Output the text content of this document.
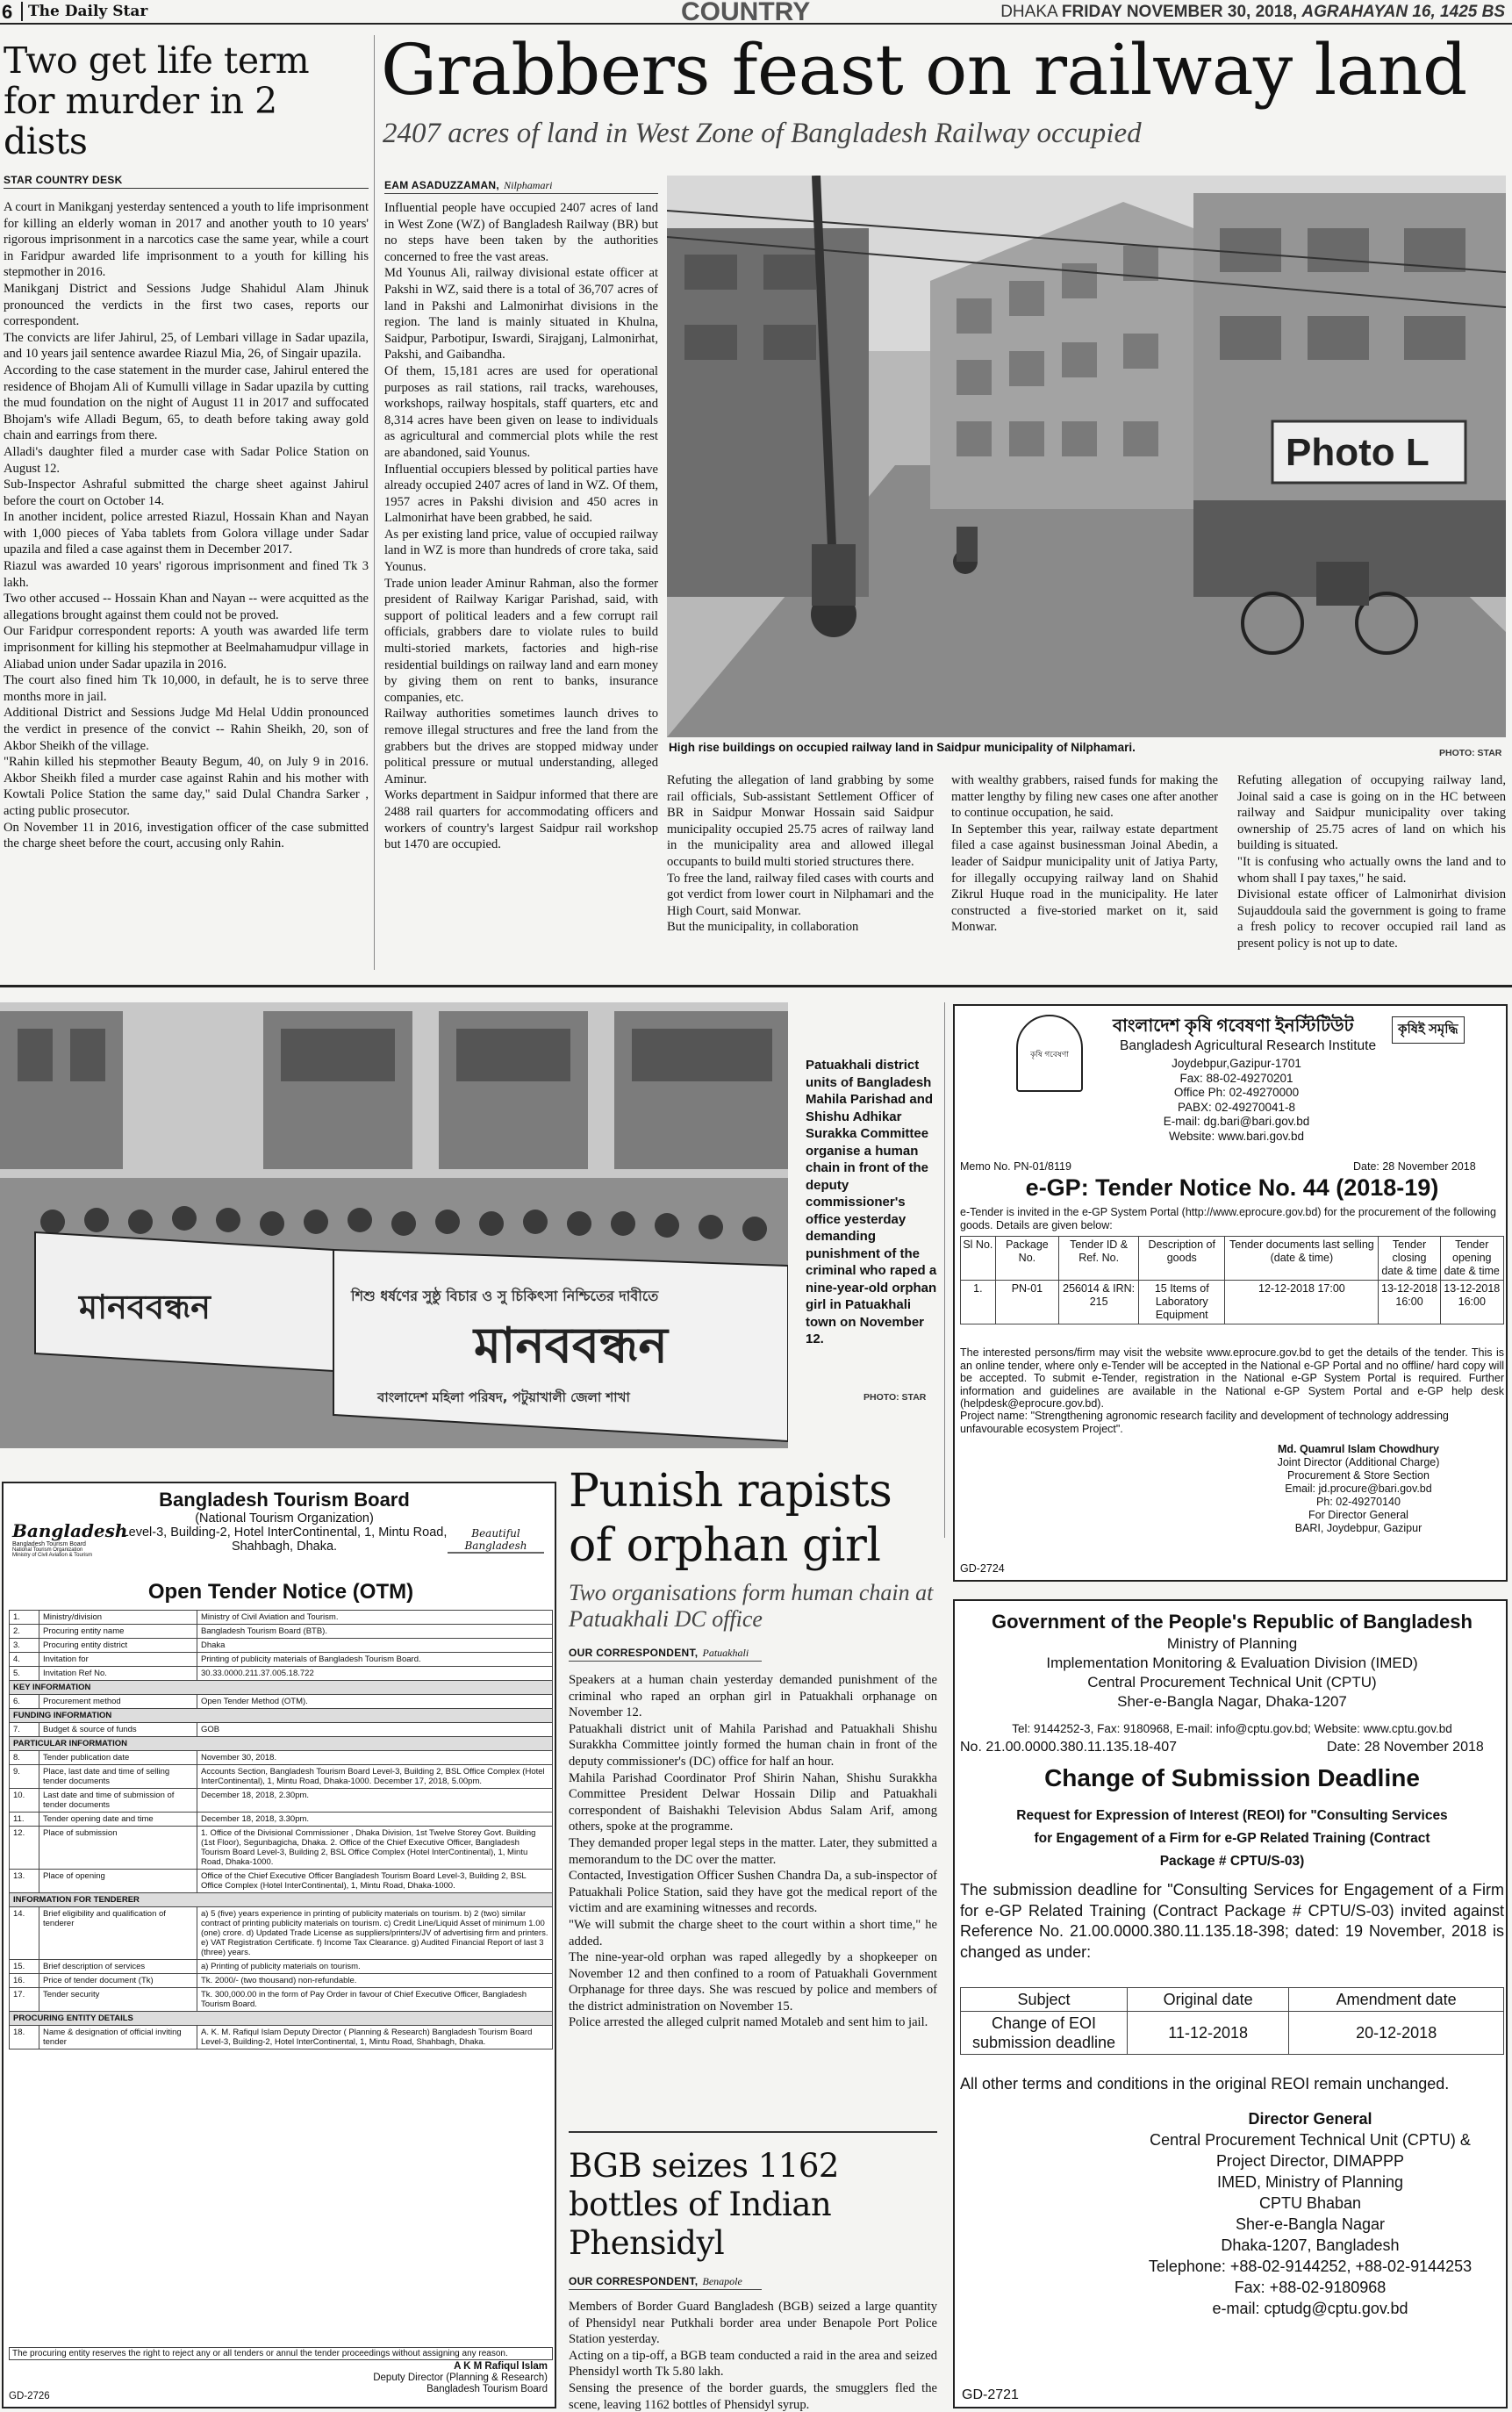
6 The Daily Star	COUNTRY	DHAKA FRIDAY NOVEMBER 30, 2018, AGRAHAYAN 16, 1425 BS
Two get life term for murder in 2 dists
STAR COUNTRY DESK

A court in Manikganj yesterday sentenced a youth to life imprisonment for killing an elderly woman in 2017 and another youth to 10 years' rigorous imprisonment in a narcotics case the same year, while a court in Faridpur awarded life imprisonment to a youth for killing his stepmother in 2016.

Manikganj District and Sessions Judge Shahidul Alam Jhinuk pronounced the verdicts in the first two cases, reports our correspondent.

The convicts are lifer Jahirul, 25, of Lembari village in Sadar upazila, and 10 years jail sentence awardee Riazul Mia, 26, of Singair upazila.

According to the case statement in the murder case, Jahirul entered the residence of Bhojam Ali of Kumulli village in Sadar upazila by cutting the mud foundation on the night of August 11 in 2017 and suffocated Bhojam's wife Alladi Begum, 65, to death before taking away gold chain and earrings from there.

Alladi's daughter filed a murder case with Sadar Police Station on August 12.

Sub-Inspector Ashraful submitted the charge sheet against Jahirul before the court on October 14.

In another incident, police arrested Riazul, Hossain Khan and Nayan with 1,000 pieces of Yaba tablets from Golora village under Sadar upazila and filed a case against them in December 2017.

Riazul was awarded 10 years' rigorous imprisonment and fined Tk 3 lakh.

Two other accused -- Hossain Khan and Nayan -- were acquitted as the allegations brought against them could not be proved.

Our Faridpur correspondent reports: A youth was awarded life term imprisonment for killing his stepmother at Beelmahamudpur village in Aliabad union under Sadar upazila in 2016.

The court also fined him Tk 10,000, in default, he is to serve three months more in jail.

Additional District and Sessions Judge Md Helal Uddin pronounced the verdict in presence of the convict -- Rahin Sheikh, 20, son of Akbor Sheikh of the village.

"Rahin killed his stepmother Beauty Begum, 40, on July 9 in 2016. Akbor Sheikh filed a murder case against Rahin and his mother with Kowtali Police Station the same day," said Dulal Chandra Sarker , acting public prosecutor.

On November 11 in 2016, investigation officer of the case submitted the charge sheet before the court, accusing only Rahin.

Grabbers feast on railway land
2407 acres of land in West Zone of Bangladesh Railway occupied
EAM ASADUZZAMAN, Nilphamari

Influential people have occupied 2407 acres of land in West Zone (WZ) of Bangladesh Railway (BR) but no steps have been taken by the authorities concerned to free the vast areas.

Md Younus Ali, railway divisional estate officer at Pakshi in WZ, said there is a total of 36,707 acres of land in Pakshi and Lalmonirhat divisions in the region. The land is mainly situated in Khulna, Saidpur, Parbotipur, Iswardi, Sirajganj, Lalmonirhat, Pakshi, and Gaibandha.

Of them, 15,181 acres are used for operational purposes as rail stations, rail tracks, warehouses, workshops, railway hospitals, staff quarters, etc and 8,314 acres have been given on lease to individuals as agricultural and commercial plots while the rest are abandoned, said Younus.

Influential occupiers blessed by political parties have already occupied 2407 acres of land in WZ. Of them, 1957 acres in Pakshi division and 450 acres in Lalmonirhat have been grabbed, he said.

As per existing land price, value of occupied railway land in WZ is more than hundreds of crore taka, said Younus.

Trade union leader Aminur Rahman, also the former president of Railway Karigar Parishad, said, with support of political leaders and a few corrupt rail officials, grabbers dare to violate rules to build multi-storied markets, factories and high-rise residential buildings on railway land and earn money by giving them on rent to banks, insurance companies, etc.

Railway authorities sometimes launch drives to remove illegal structures and free the land from the grabbers but the drives are stopped midway under political pressure or mutual understanding, alleged Aminur.

Works department in Saidpur informed that there are 2488 rail quarters for accommodating officers and workers of country's largest Saidpur rail workshop but 1470 are occupied.

Photo L
High rise buildings on occupied railway land in Saidpur municipality of Nilphamari.	PHOTO: STAR

Refuting the allegation of land grabbing by some rail officials, Sub-assistant Settlement Officer of BR in Saidpur Monwar Hossain said Saidpur municipality occupied 25.75 acres of railway land in the municipality area and allowed illegal occupants to build multi storied structures there.

To free the land, railway filed cases with courts and got verdict from lower court in Nilphamari and the High Court, said Monwar.

But the municipality, in collaboration

with wealthy grabbers, raised funds for making the matter lengthy by filing new cases one after another to continue occupation, he said.

In September this year, railway estate department filed a case against businessman Joinal Abedin, a leader of Saidpur municipality unit of Jatiya Party, for illegally occupying railway land on Shahid Zikrul Huque road in the municipality. He later constructed a five-storied market on it, said Monwar.

Refuting allegation of occupying railway land, Joinal said a case is going on in the HC between railway and Saidpur municipality over taking ownership of 25.75 acres of land on which his building is situated.

"It is confusing who actually owns the land and to whom shall I pay taxes," he said.

Divisional estate officer of Lalmonirhat division Sujauddoula said the government is going to frame a fresh policy to recover occupied rail land as present policy is not up to date.

মানববন্ধন	শিশু ধর্ষণের সুষ্ঠু বিচার ও সু চিকিৎসা নিশ্চিতের দাবীতে
মানববন্ধন
বাংলাদেশ মহিলা পরিষদ, পটুয়াখালী জেলা শাখা
Patuakhali district units of Bangladesh Mahila Parishad and Shishu Adhikar Surakka Committee organise a human chain in front of the deputy commissioner's office yesterday demanding punishment of the criminal who raped a nine-year-old orphan girl in Patuakhali town on November 12.
PHOTO: STAR
কৃষি গবেষণা
বাংলাদেশ কৃষি গবেষণা ইনস্টিটিউট	কৃষিই সমৃদ্ধি
Bangladesh Agricultural Research Institute
Joydebpur,Gazipur-1701
Fax: 88-02-49270201
Office Ph: 02-49270000
PABX: 02-49270041-8
E-mail: dg.bari@bari.gov.bd
Website: www.bari.gov.bd
Memo No. PN-01/8119	Date: 28 November 2018
e-GP: Tender Notice No. 44 (2018-19)
e-Tender is invited in the e-GP System Portal (http://www.eprocure.gov.bd) for the procurement of the following goods. Details are given below:
Sl No.	Package No.	Tender ID & Ref. No.	Description of goods	Tender documents last selling (date & time)	Tender closing date & time	Tender opening date & time
1.	PN-01	256014 & IRN: 215	15 Items of Laboratory Equipment	12-12-2018 17:00	13-12-2018 16:00	13-12-2018 16:00
The interested persons/firm may visit the website www.eprocure.gov.bd to get the details of the tender. This is an online tender, where only e-Tender will be accepted in the National e-GP Portal and no offline/ hard copy will be accepted. To submit e-Tender, registration in the National e-GP System Portal is required. Further information and guidelines are available in the National e-GP System Portal and e-GP help desk (helpdesk@eprocure.gov.bd).
Project name: "Strengthening agronomic research facility and development of technology addressing unfavourable ecosystem Project".
Md. Quamrul Islam Chowdhury
Joint Director (Additional Charge)
Procurement & Store Section
Email: jd.procure@bari.gov.bd
Ph: 02-49270140
For Director General
BARI, Joydebpur, Gazipur
GD-2724
Government of the People's Republic of Bangladesh
Ministry of Planning
Implementation Monitoring & Evaluation Division (IMED)
Central Procurement Technical Unit (CPTU)
Sher-e-Bangla Nagar, Dhaka-1207
Tel: 9144252-3, Fax: 9180968, E-mail: info@cptu.gov.bd; Website: www.cptu.gov.bd
No. 21.00.0000.380.11.135.18-407	Date: 28 November 2018
Change of Submission Deadline
Request for Expression of Interest (REOI) for "Consulting Services for Engagement of a Firm for e-GP Related Training (Contract Package # CPTU/S-03)
The submission deadline for "Consulting Services for Engagement of a Firm for e-GP Related Training (Contract Package # CPTU/S-03) invited against Reference No. 21.00.0000.380.11.135.18-398; dated: 19 November, 2018 is changed as under:
Subject	Original date	Amendment date
Change of EOI submission deadline	11-12-2018	20-12-2018
All other terms and conditions in the original REOI remain unchanged.
Director General
Central Procurement Technical Unit (CPTU) &
Project Director, DIMAPPP
IMED, Ministry of Planning
CPTU Bhaban
Sher-e-Bangla Nagar
Dhaka-1207, Bangladesh
Telephone: +88-02-9144252, +88-02-9144253
Fax: +88-02-9180968
e-mail: cptudg@cptu.gov.bd
GD-2721
Bangladesh
Bangladesh Tourism Board
National Tourism Organization
Ministry of Civil Aviation & Tourism
Beautiful Bangladesh
Bangladesh Tourism Board
(National Tourism Organization)
Level-3, Building-2, Hotel InterContinental, 1, Mintu Road,
Shahbagh, Dhaka.
Open Tender Notice (OTM)
1.	Ministry/division	Ministry of Civil Aviation and Tourism.
2.	Procuring entity name	Bangladesh Tourism Board (BTB).
3.	Procuring entity district	Dhaka
4.	Invitation for	Printing of publicity materials of Bangladesh Tourism Board.
5.	Invitation Ref No.	30.33.0000.211.37.005.18.722
KEY INFORMATION		
6.	Procurement method	Open Tender Method (OTM).
FUNDING INFORMATION		
7.	Budget & source of funds	GOB
PARTICULAR INFORMATION		
8.	Tender publication date	November 30, 2018.
9.	Place, last date and time of selling tender documents	Accounts Section, Bangladesh Tourism Board Level-3, Building 2, BSL Office Complex (Hotel InterContinental), 1, Mintu Road, Dhaka-1000. December 17, 2018, 5.00pm.
10.	Last date and time of submission of tender documents	December 18, 2018, 2.30pm.
11.	Tender opening date and time	December 18, 2018, 3.30pm.
12.	Place of submission	1. Office of the Divisional Commissioner , Dhaka Division, 1st Twelve Storey Govt. Building (1st Floor), Segunbagicha, Dhaka. 2. Office of the Chief Executive Officer, Bangladesh Tourism Board Level-3, Building 2, BSL Office Complex (Hotel InterContinental), 1, Mintu Road, Dhaka-1000.
13.	Place of opening	Office of the Chief Executive Officer Bangladesh Tourism Board Level-3, Building 2, BSL Office Complex (Hotel InterContinental), 1, Mintu Road, Dhaka-1000.
INFORMATION FOR TENDERER		
14.	Brief eligibility and qualification of tenderer	a) 5 (five) years experience in printing of publicity materials on tourism. b) 2 (two) similar contract of printing publicity materials on tourism. c) Credit Line/Liquid Asset of minimum 1.00 (one) crore. d) Updated Trade License as suppliers/printers/JV of advertising firm and printers. e) VAT Registration Certificate. f) Income Tax Clearance. g) Audited Financial Report of last 3 (three) years.
15.	Brief description of services	a) Printing of publicity materials on tourism.
16.	Price of tender document (Tk)	Tk. 2000/- (two thousand) non-refundable.
17.	Tender security	Tk. 300,000.00 in the form of Pay Order in favour of Chief Executive Officer, Bangladesh Tourism Board.
PROCURING ENTITY DETAILS		
18.	Name & designation of official inviting tender	A. K. M. Rafiqul Islam Deputy Director ( Planning & Research) Bangladesh Tourism Board Level-3, Building-2, Hotel InterContinental, 1, Mintu Road, Shahbagh, Dhaka.
The procuring entity reserves the right to reject any or all tenders or annul the tender proceedings without assigning any reason.
A K M Rafiqul Islam
Deputy Director (Planning & Research)
Bangladesh Tourism Board
GD-2726
Punish rapists of orphan girl
Two organisations form human chain at Patuakhali DC office
OUR CORRESPONDENT, Patuakhali

Speakers at a human chain yesterday demanded punishment of the criminal who raped an orphan girl in Patuakhali orphanage on November 12.

Patuakhali district unit of Mahila Parishad and Patuakhali Shishu Surakkha Committee jointly formed the human chain in front of the deputy commissioner's (DC) office for half an hour.

Mahila Parishad Coordinator Prof Shirin Nahan, Shishu Surakkha Committee President Delwar Hossain Dilip and Patuakhali correspondent of Baishakhi Television Abdus Salam Arif, among others, spoke at the programme.

They demanded proper legal steps in the matter. Later, they submitted a memorandum to the DC over the matter.

Contacted, Investigation Officer Sushen Chandra Da, a sub-inspector of Patuakhali Police Station, said they have got the medical report of the victim and are examining witnesses and records.

"We will submit the charge sheet to the court within a short time," he added.

The nine-year-old orphan was raped allegedly by a shopkeeper on November 12 and then confined to a room of Patuakhali Government Orphanage for three days. She was rescued by police and members of the district administration on November 15.

Police arrested the alleged culprit named Motaleb and sent him to jail.

BGB seizes 1162 bottles of Indian Phensidyl
OUR CORRESPONDENT, Benapole

Members of Border Guard Bangladesh (BGB) seized a large quantity of Phensidyl near Putkhali border area under Benapole Port Police Station yesterday.

Acting on a tip-off, a BGB team conducted a raid in the area and seized Phensidyl worth Tk 5.80 lakh.

Sensing the presence of the border guards, the smugglers fled the scene, leaving 1162 bottles of Phensidyl syrup.
